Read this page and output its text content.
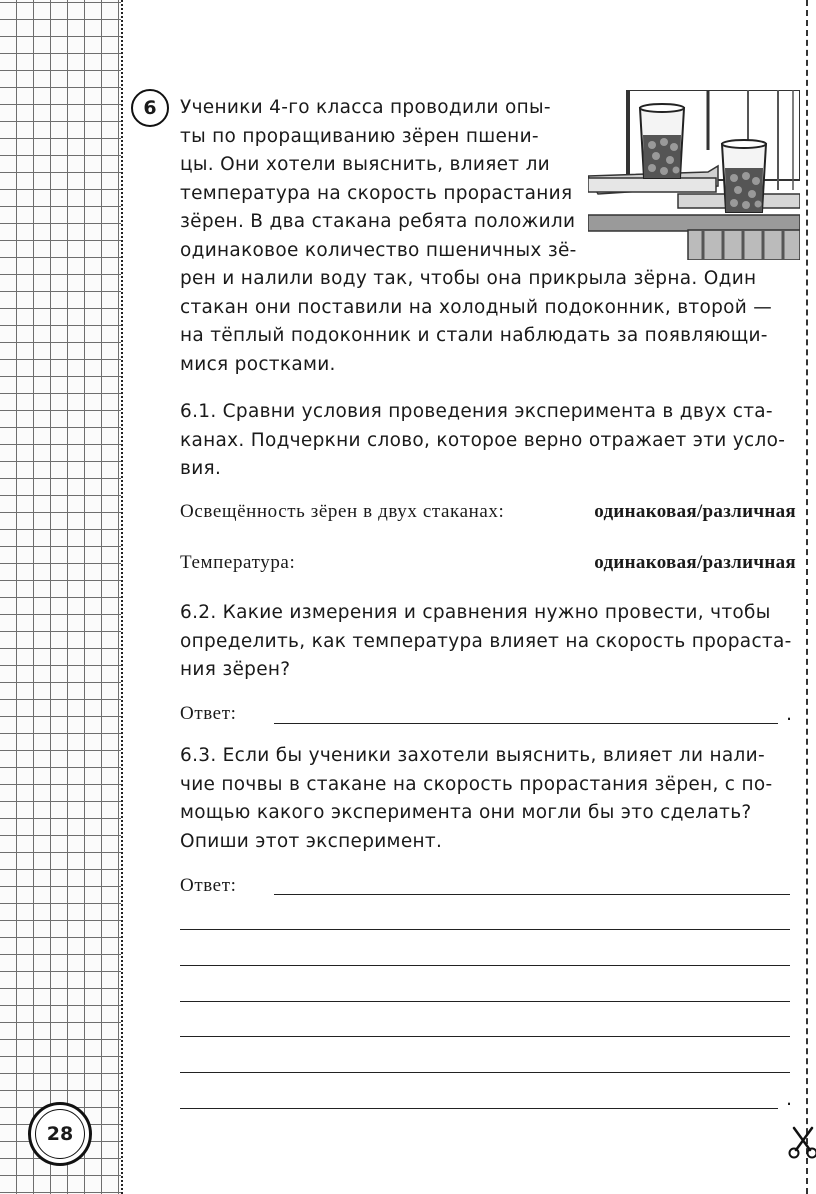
6 Ученики 4-го класса проводили опы-
ты по проращиванию зёрен пшени-
цы. Они хотели выяснить, влияет ли
температура на скорость прорастания
зёрен. В два стакана ребята положили
одинаковое количество пшеничных зё-

рен и налили воду так, чтобы она прикрыла зёрна. Один
стакан они поставили на холодный подоконник, второй —
на тёплый подоконник и стали наблюдать за появляющи-
мися ростками.

6.1. Сравни условия проведения эксперимента в двух ста-
канах. Подчеркни слово, которое верно отражает эти усло-
вия.

Освещённость зёрен в двух стаканах:	одинаковая/различная
Температура:	одинаковая/различная

6.2. Какие измерения и сравнения нужно провести, чтобы
определить, как температура влияет на скорость прораста-
ния зёрен?

Ответ:	.

6.3. Если бы ученики захотели выяснить, влияет ли нали-
чие почвы в стакане на скорость прорастания зёрен, с по-
мощью какого эксперимента они могли бы это сделать?
Опиши этот эксперимент.

Ответ:
.
28
